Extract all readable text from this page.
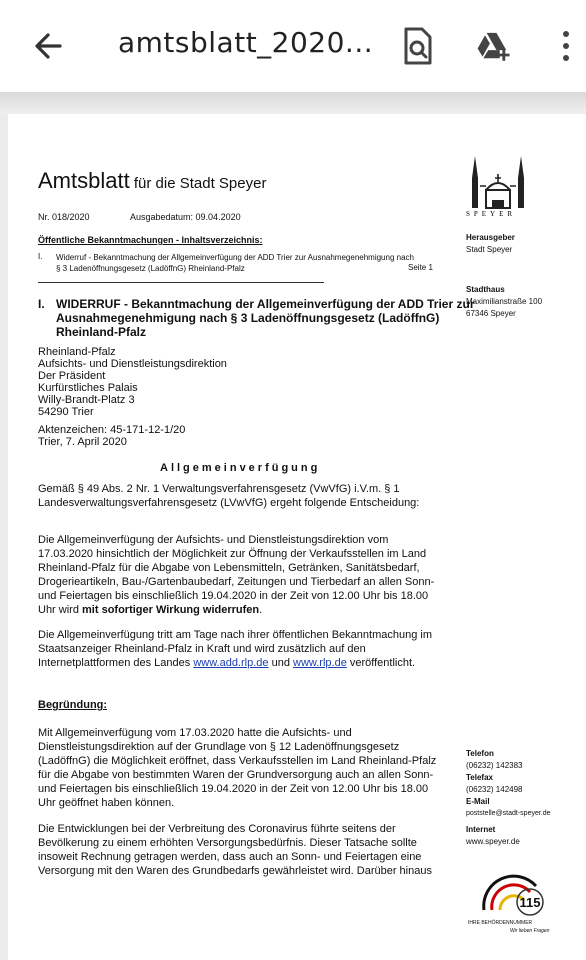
amtsblatt_2020...
Amtsblatt für die Stadt Speyer
Nr. 018/2020	Ausgabedatum: 09.04.2020
Öffentliche Bekanntmachungen - Inhaltsverzeichnis:
I. Widerruf - Bekanntmachung der Allgemeinverfügung der ADD Trier zur Ausnahmegenehmigung nach
§ 3 Ladenöffnungsgesetz (LadöffnG) Rheinland-Pfalz	Seite 1
I. WIDERRUF - Bekanntmachung der Allgemeinverfügung der ADD Trier zur
Ausnahmegenehmigung nach § 3 Ladenöffnungsgesetz (LadöffnG)
Rheinland-Pfalz
Rheinland-Pfalz
Aufsichts- und Dienstleistungsdirektion
Der Präsident
Kurfürstliches Palais
Willy-Brandt-Platz 3
54290 Trier
Aktenzeichen: 45-171-12-1/20
Trier, 7. April 2020
Allgemeinverfügung
Gemäß § 49 Abs. 2 Nr. 1 Verwaltungsverfahrensgesetz (VwVfG) i.V.m. § 1
Landesverwaltungsverfahrensgesetz (LVwVfG) ergeht folgende Entscheidung:
Die Allgemeinverfügung der Aufsichts- und Dienstleistungsdirektion vom
17.03.2020 hinsichtlich der Möglichkeit zur Öffnung der Verkaufsstellen im Land
Rheinland-Pfalz für die Abgabe von Lebensmitteln, Getränken, Sanitätsbedarf,
Drogerieartikeln, Bau-/Gartenbaubedarf, Zeitungen und Tierbedarf an allen Sonn-
und Feiertagen bis einschließlich 19.04.2020 in der Zeit von 12.00 Uhr bis 18.00
Uhr wird mit sofortiger Wirkung widerrufen.
Die Allgemeinverfügung tritt am Tage nach ihrer öffentlichen Bekanntmachung im
Staatsanzeiger Rheinland-Pfalz in Kraft und wird zusätzlich auf den
Internetplattformen des Landes www.add.rlp.de und www.rlp.de veröffentlicht.
Begründung:
Mit Allgemeinverfügung vom 17.03.2020 hatte die Aufsichts- und
Dienstleistungsdirektion auf der Grundlage von § 12 Ladenöffnungsgesetz
(LadöffnG) die Möglichkeit eröffnet, dass Verkaufsstellen im Land Rheinland-Pfalz
für die Abgabe von bestimmten Waren der Grundversorgung auch an allen Sonn-
und Feiertagen bis einschließlich 19.04.2020 in der Zeit von 12.00 Uhr bis 18.00
Uhr geöffnet haben können.
Die Entwicklungen bei der Verbreitung des Coronavirus führte seitens der
Bevölkerung zu einem erhöhten Versorgungsbedürfnis. Dieser Tatsache sollte
insoweit Rechnung getragen werden, dass auch an Sonn- und Feiertagen eine
Versorgung mit den Waren des Grundbedarfs gewährleistet wird. Darüber hinaus
SPEYER
Herausgeber
Stadt Speyer
Stadthaus
Maximilianstraße 100
67346 Speyer
Telefon
(06232) 142383
Telefax
(06232) 142498
E-Mail
poststelle@stadt-speyer.de
Internet
www.speyer.de
115
IHRE BEHÖRDENNUMMER
Wir lieben Fragen
